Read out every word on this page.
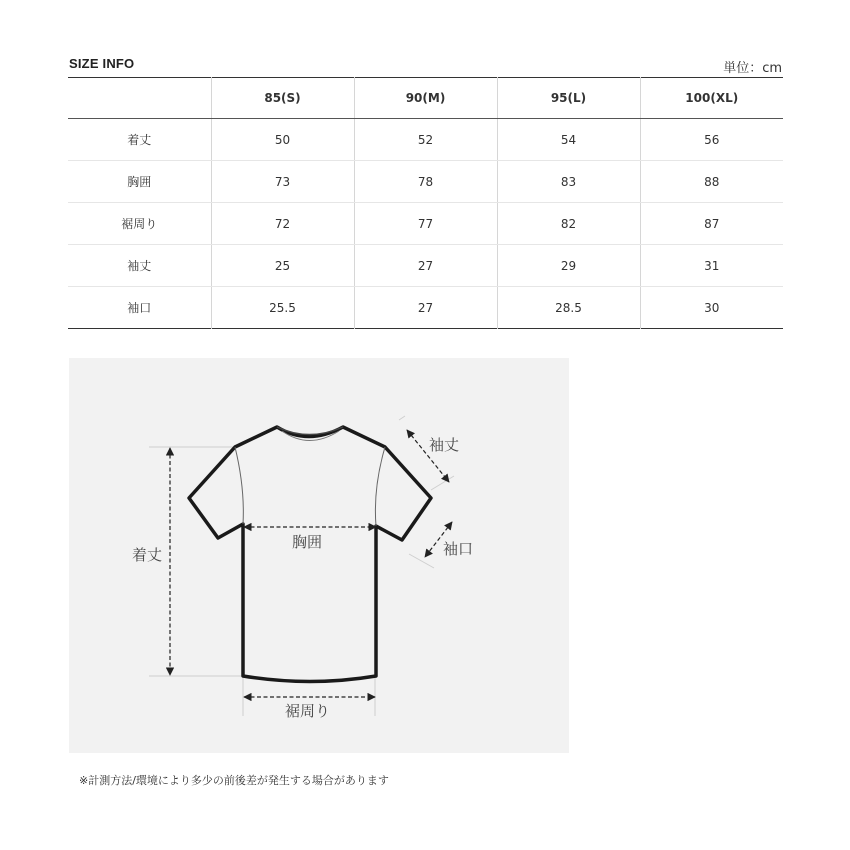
SIZE INFO	単位：cm
	85(S)	90(M)	95(L)	100(XL)
着丈	50	52	54	56
胸囲	73	78	83	88
裾周り	72	77	82	87
袖丈	25	27	29	31
袖口	25.5	27	28.5	30
着丈
胸囲
袖丈
袖口
裾周り
※計測方法/環境により多少の前後差が発生する場合があります
